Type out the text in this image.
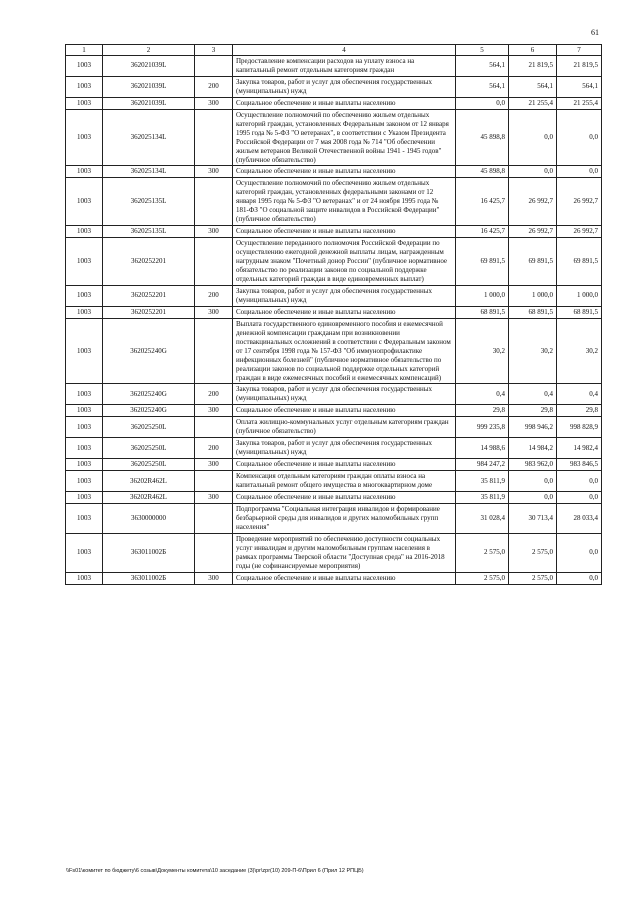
61
1	2	3	4	5	6	7
1003	362021039L		Предоставление компенсации расходов на уплату взноса на капитальный ремонт отдельным категориям граждан	564,1	21 819,5	21 819,5
1003	362021039L	200	Закупка товаров, работ и услуг для обеспечения государственных (муниципальных) нужд	564,1	564,1	564,1
1003	362021039L	300	Социальное обеспечение и иные выплаты населению	0,0	21 255,4	21 255,4
1003	362025134L		Осуществление полномочий по обеспечению жильем отдельных категорий граждан, установленных Федеральным законом от 12 января 1995 года № 5-ФЗ "О ветеранах", в соответствии с Указом Президента Российской Федерации от 7 мая 2008 года № 714 "Об обеспечении жильем ветеранов Великой Отечественной войны 1941 - 1945 годов" (публичное обязательство)	45 898,8	0,0	0,0
1003	362025134L	300	Социальное обеспечение и иные выплаты населению	45 898,8	0,0	0,0
1003	362025135L		Осуществление полномочий по обеспечению жильем отдельных категорий граждан, установленных федеральными законами от 12 января 1995 года № 5-ФЗ "О ветеранах" и от 24 ноября 1995 года № 181-ФЗ "О социальной защите инвалидов в Российской Федерации" (публичное обязательство)	16 425,7	26 992,7	26 992,7
1003	362025135L	300	Социальное обеспечение и иные выплаты населению	16 425,7	26 992,7	26 992,7
1003	3620252201		Осуществление переданного полномочия Российской Федерации по осуществлению ежегодной денежной выплаты лицам, награжденным нагрудным знаком "Почетный донор России" (публичное нормативное обязательство по реализации законов по социальной поддержке отдельных категорий граждан в виде единовременных выплат)	69 891,5	69 891,5	69 891,5
1003	3620252201	200	Закупка товаров, работ и услуг для обеспечения государственных (муниципальных) нужд	1 000,0	1 000,0	1 000,0
1003	3620252201	300	Социальное обеспечение и иные выплаты населению	68 891,5	68 891,5	68 891,5
1003	362025240G		Выплата государственного единовременного пособия и ежемесячной денежной компенсации гражданам при возникновении поствакцинальных осложнений в соответствии с Федеральным законом от 17 сентября 1998 года № 157-ФЗ "Об иммунопрофилактике инфекционных болезней" (публичное нормативное обязательство по реализации законов по социальной поддержке отдельных категорий граждан в виде ежемесячных пособий и ежемесячных компенсаций)	30,2	30,2	30,2
1003	362025240G	200	Закупка товаров, работ и услуг для обеспечения государственных (муниципальных) нужд	0,4	0,4	0,4
1003	362025240G	300	Социальное обеспечение и иные выплаты населению	29,8	29,8	29,8
1003	362025250L		Оплата жилищно-коммунальных услуг отдельным категориям граждан (публичное обязательство)	999 235,8	998 946,2	998 828,9
1003	362025250L	200	Закупка товаров, работ и услуг для обеспечения государственных (муниципальных) нужд	14 988,6	14 984,2	14 982,4
1003	362025250L	300	Социальное обеспечение и иные выплаты населению	984 247,2	983 962,0	983 846,5
1003	36202R462L		Компенсация отдельным категориям граждан оплаты взноса на капитальный ремонт общего имущества в многоквартирном доме	35 811,9	0,0	0,0
1003	36202R462L	300	Социальное обеспечение и иные выплаты населению	35 811,9	0,0	0,0
1003	3630000000		Подпрограмма "Социальная интеграция инвалидов и формирование безбарьерной среды для инвалидов и других маломобильных групп населения"	31 028,4	30 713,4	28 033,4
1003	363011002Б		Проведение мероприятий по обеспечению доступности социальных услуг инвалидам и другим маломобильным группам населения в рамках программы Тверской области "Доступная среда" на 2016-2018 годы (не софинансируемые мероприятия)	2 575,0	2 575,0	0,0
1003	363011002Б	300	Социальное обеспечение и иные выплаты населению	2 575,0	2 575,0	0,0
\\Fs01\комитет по бюджету\6 созыв\Документы комитета\10 заседание (3)\pr\zpr(10) 209-П-6\Прил 6 (Прил 12 РПЦБ)
